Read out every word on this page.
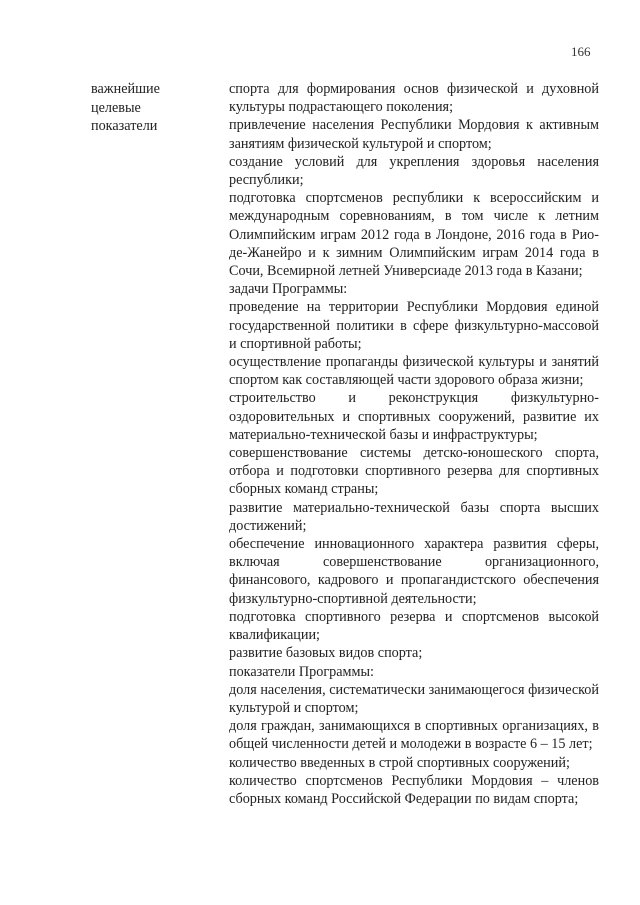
166
важнейшие
целевые
показатели
спорта для формирования основ физической и духовной культуры подрастающего поколения;
привлечение населения Республики Мордовия к активным занятиям физической культурой и спортом;
создание условий для укрепления здоровья населения республики;
подготовка спортсменов республики к всероссийским и международным соревнованиям, в том числе к летним Олимпийским играм 2012 года в Лондоне, 2016 года в Рио-де-Жанейро и к зимним Олимпийским играм 2014 года в Сочи, Всемирной летней Универсиаде 2013 года в Казани;
задачи Программы:
проведение на территории Республики Мордовия единой государственной политики в сфере физкультурно-массовой и спортивной работы;
осуществление пропаганды физической культуры и занятий спортом как составляющей части здорового образа жизни;
строительство и реконструкция физкультурно-оздоровительных и спортивных сооружений, развитие их материально-технической базы и инфраструктуры;
совершенствование системы детско-юношеского спорта, отбора и подготовки спортивного резерва для спортивных сборных команд страны;
развитие материально-технической базы спорта высших достижений;
обеспечение инновационного характера развития сферы, включая совершенствование организационного, финансового, кадрового и пропагандистского обеспечения физкультурно-спортивной деятельности;
подготовка спортивного резерва и спортсменов высокой квалификации;
развитие базовых видов спорта;
показатели Программы:
доля населения, систематически занимающегося физической культурой и спортом;
доля граждан, занимающихся в спортивных организациях, в общей численности детей и молодежи в возрасте 6 – 15 лет;
количество введенных в строй спортивных сооружений;
количество спортсменов Республики Мордовия – членов сборных команд Российской Федерации по видам спорта;
